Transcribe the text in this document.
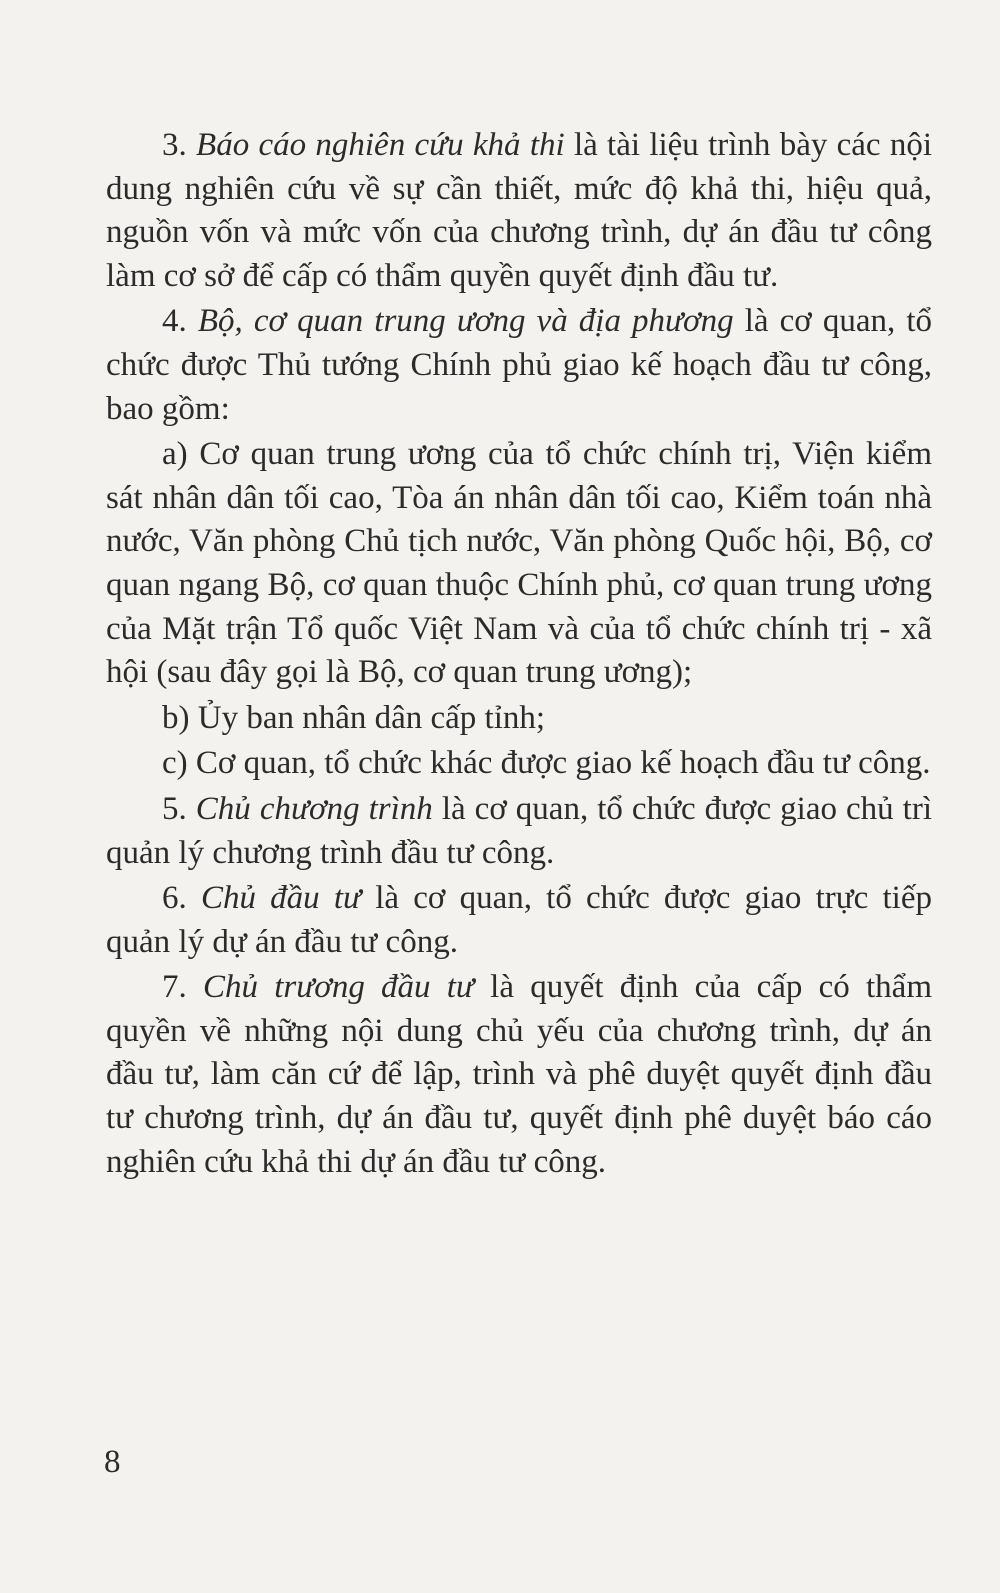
3. Báo cáo nghiên cứu khả thi là tài liệu trình bày các nội dung nghiên cứu về sự cần thiết, mức độ khả thi, hiệu quả, nguồn vốn và mức vốn của chương trình, dự án đầu tư công làm cơ sở để cấp có thẩm quyền quyết định đầu tư.

4. Bộ, cơ quan trung ương và địa phương là cơ quan, tổ chức được Thủ tướng Chính phủ giao kế hoạch đầu tư công, bao gồm:

a) Cơ quan trung ương của tổ chức chính trị, Viện kiểm sát nhân dân tối cao, Tòa án nhân dân tối cao, Kiểm toán nhà nước, Văn phòng Chủ tịch nước, Văn phòng Quốc hội, Bộ, cơ quan ngang Bộ, cơ quan thuộc Chính phủ, cơ quan trung ương của Mặt trận Tổ quốc Việt Nam và của tổ chức chính trị - xã hội (sau đây gọi là Bộ, cơ quan trung ương);

b) Ủy ban nhân dân cấp tỉnh;

c) Cơ quan, tổ chức khác được giao kế hoạch đầu tư công.

5. Chủ chương trình là cơ quan, tổ chức được giao chủ trì quản lý chương trình đầu tư công.

6. Chủ đầu tư là cơ quan, tổ chức được giao trực tiếp quản lý dự án đầu tư công.

7. Chủ trương đầu tư là quyết định của cấp có thẩm quyền về những nội dung chủ yếu của chương trình, dự án đầu tư, làm căn cứ để lập, trình và phê duyệt quyết định đầu tư chương trình, dự án đầu tư, quyết định phê duyệt báo cáo nghiên cứu khả thi dự án đầu tư công.

8
